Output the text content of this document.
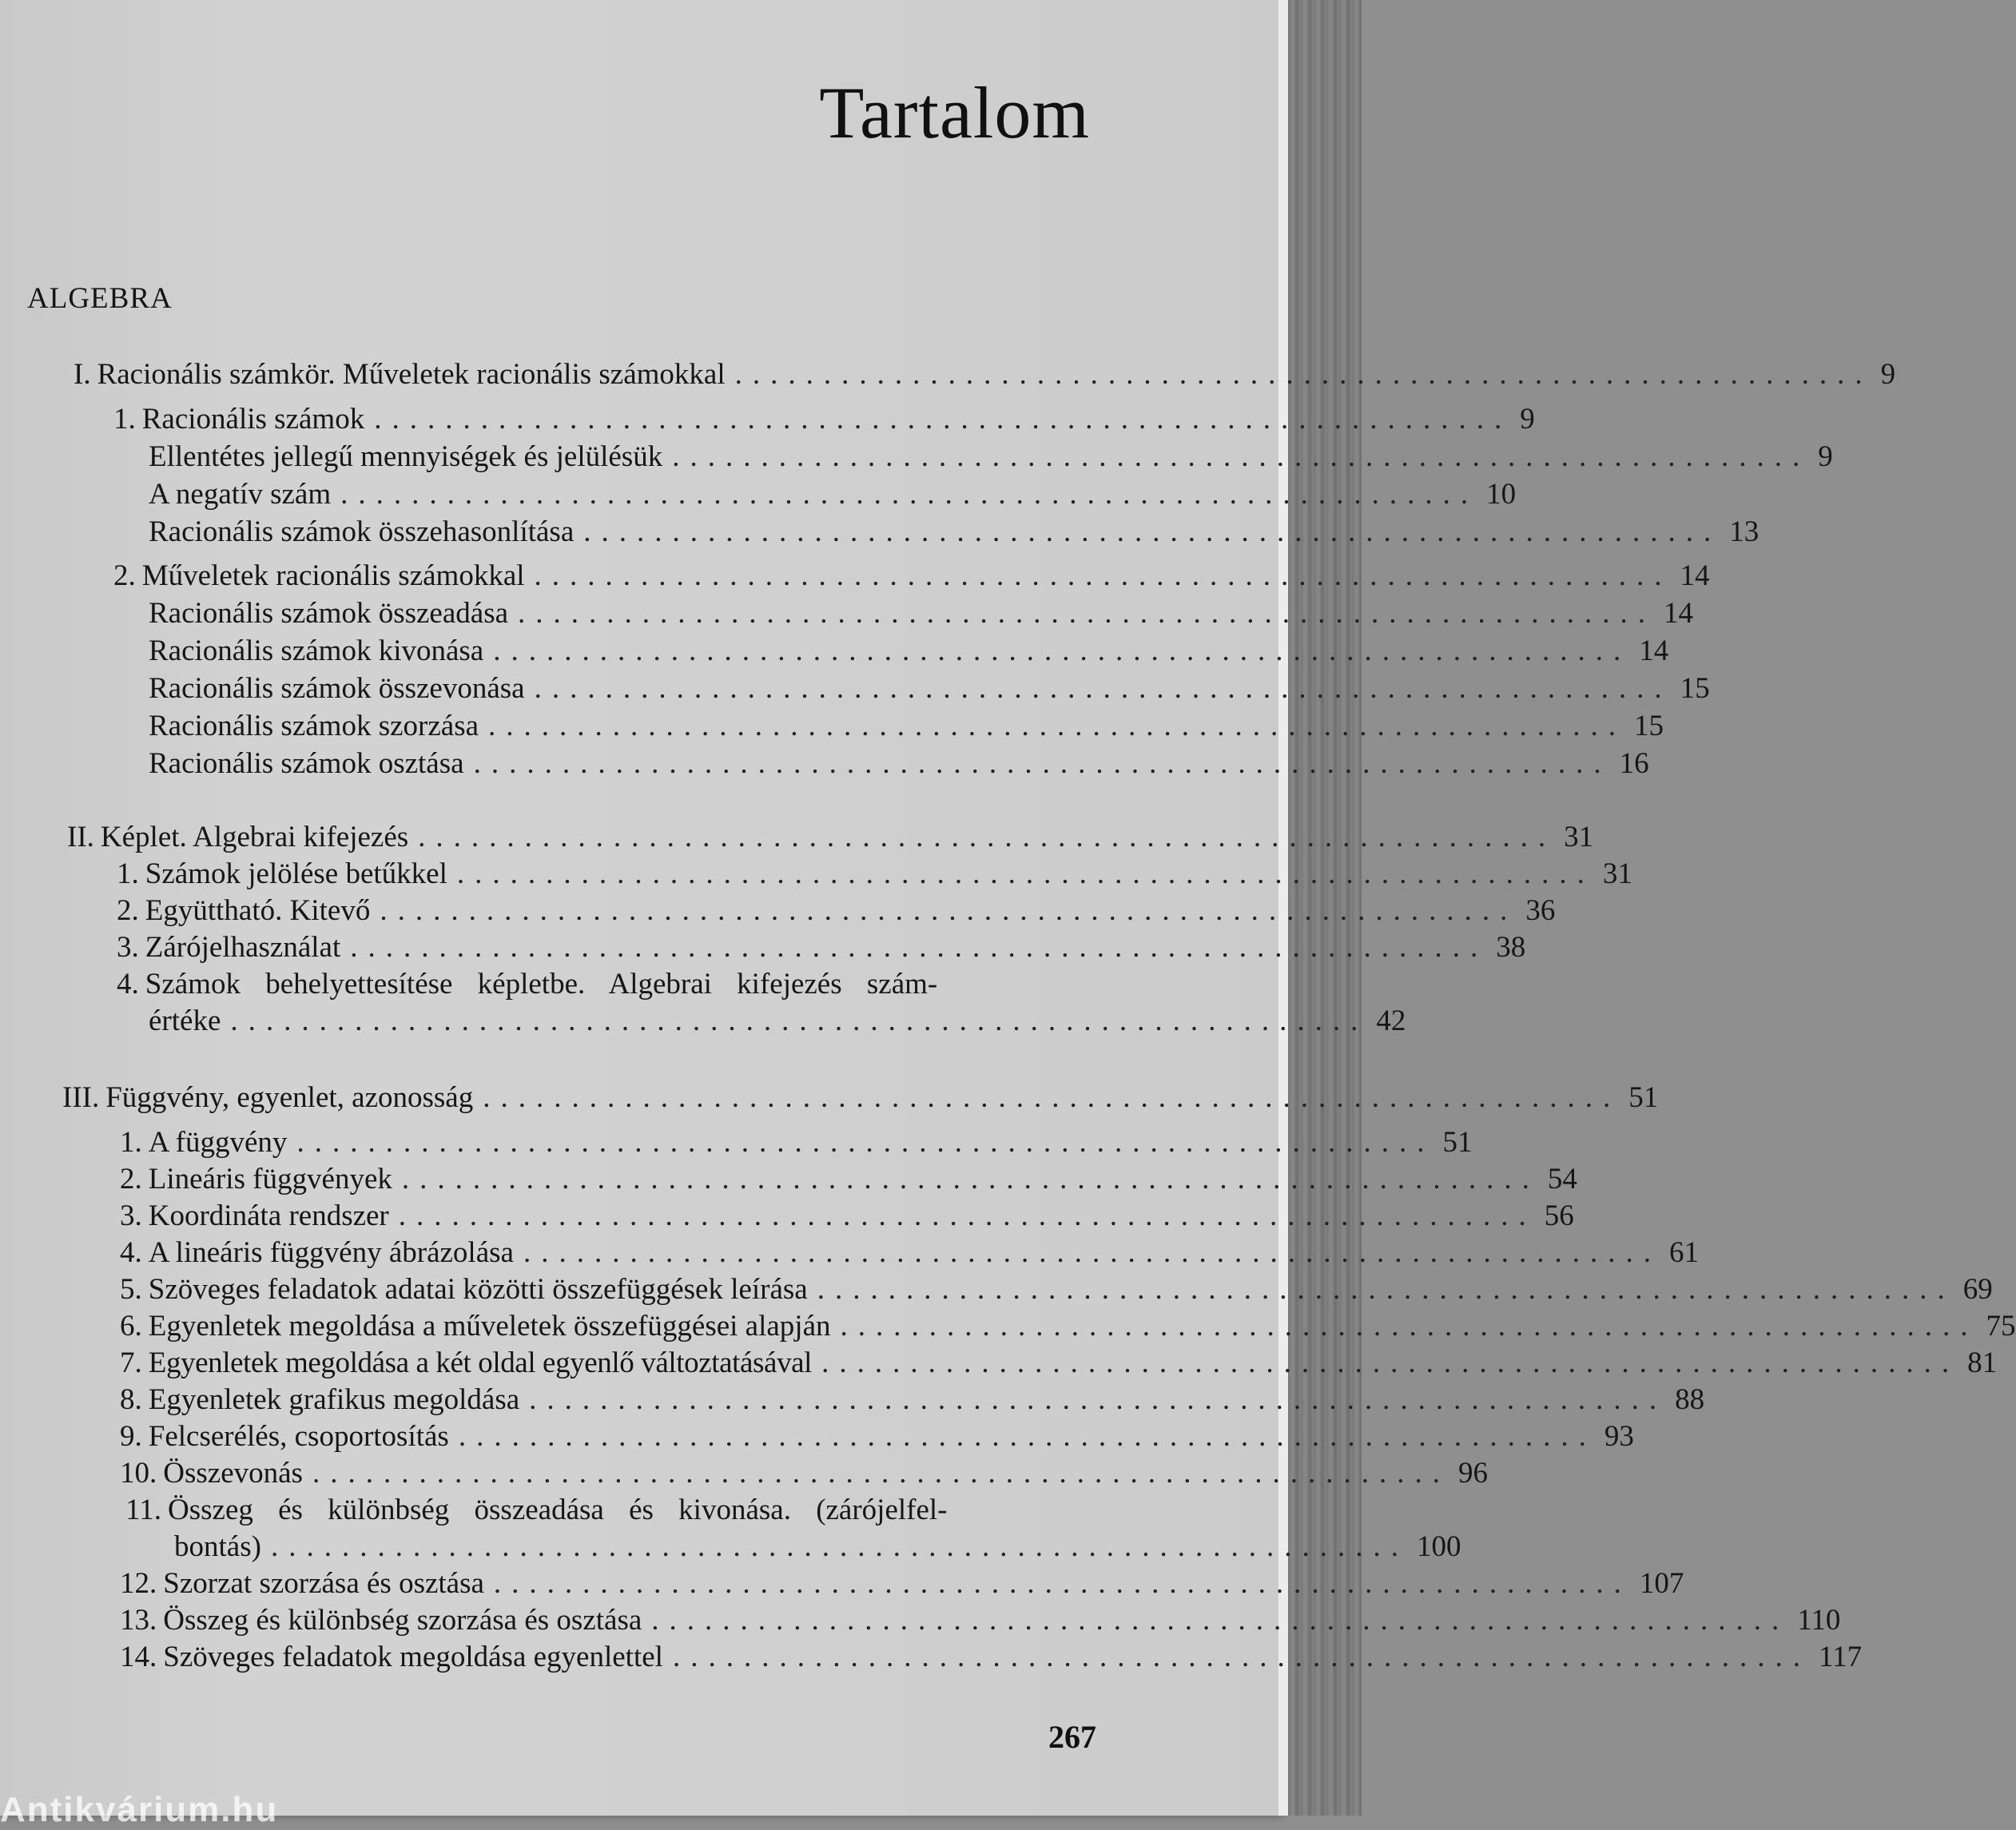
Tartalom
ALGEBRA
I. Racionális számkör. Műveletek racionális számokkal ................................................................ 9
1. Racionális számok ................................................................ 9
Ellentétes jellegű mennyiségek és jelülésük ................................................................ 9
A negatív szám ................................................................ 10
Racionális számok összehasonlítása ................................................................ 13
2. Műveletek racionális számokkal ................................................................ 14
Racionális számok összeadása ................................................................ 14
Racionális számok kivonása ................................................................ 14
Racionális számok összevonása ................................................................ 15
Racionális számok szorzása ................................................................ 15
Racionális számok osztása ................................................................ 16
II. Képlet. Algebrai kifejezés ................................................................ 31
1. Számok jelölése betűkkel ................................................................ 31
2. Együttható. Kitevő ................................................................ 36
3. Zárójelhasználat ................................................................ 38
4. Számok behelyettesítése képletbe. Algebrai kifejezés szám-
értéke ................................................................ 42
III. Függvény, egyenlet, azonosság ................................................................ 51
1. A függvény ................................................................ 51
2. Lineáris függvények ................................................................ 54
3. Koordináta rendszer ................................................................ 56
4. A lineáris függvény ábrázolása ................................................................ 61
5. Szöveges feladatok adatai közötti összefüggések leírása ................................................................ 69
6. Egyenletek megoldása a műveletek összefüggései alapján ................................................................ 75
7. Egyenletek megoldása a két oldal egyenlő változtatásával ................................................................ 81
8. Egyenletek grafikus megoldása ................................................................ 88
9. Felcserélés, csoportosítás ................................................................ 93
10. Összevonás ................................................................ 96
11. Összeg és különbség összeadása és kivonása. (zárójelfel-
bontás) ................................................................ 100
12. Szorzat szorzása és osztása ................................................................ 107
13. Összeg és különbség szorzása és osztása ................................................................ 110
14. Szöveges feladatok megoldása egyenlettel ................................................................ 117
267
Antikvárium.hu
